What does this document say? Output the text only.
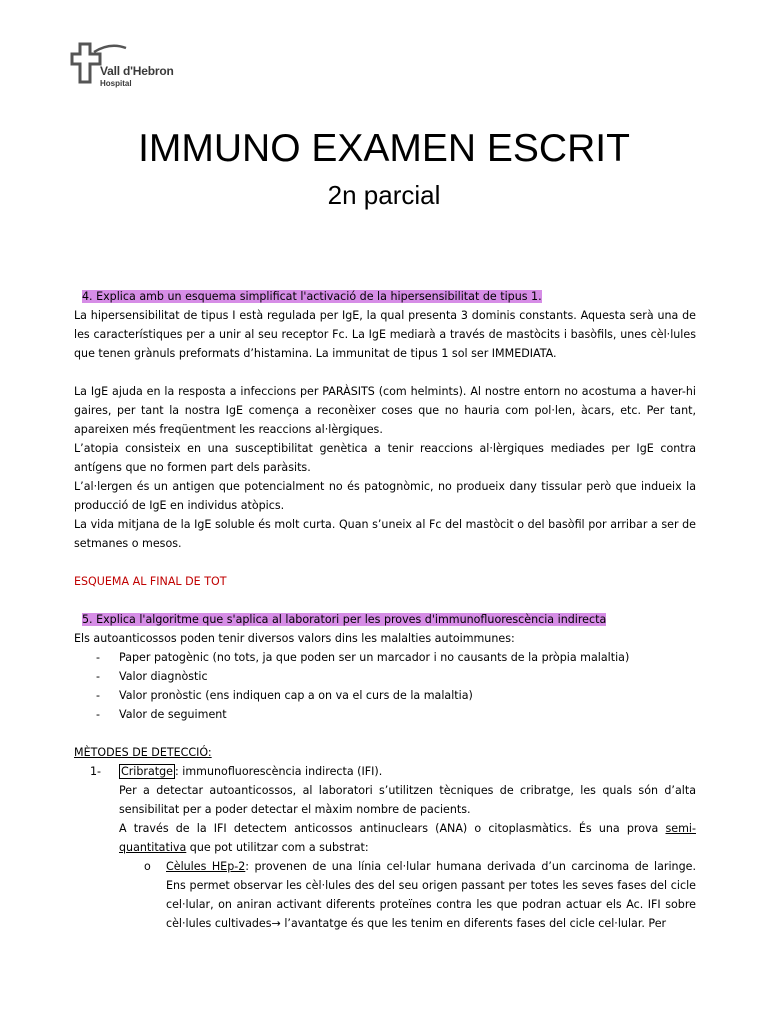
Vall d'Hebron
Hospital
IMMUNO EXAMEN ESCRIT
2n parcial

4. Explica amb un esquema simplificat l'activació de la hipersensibilitat de tipus 1.

La hipersensibilitat de tipus I està regulada per IgE, la qual presenta 3 dominis constants. Aquesta serà una de les característiques per a unir al seu receptor Fc. La IgE mediarà a través de mastòcits i basòfils, unes cèl·lules que tenen grànuls preformats d’histamina. La immunitat de tipus 1 sol ser IMMEDIATA.

La IgE ajuda en la resposta a infeccions per PARÀSITS (com helmints). Al nostre entorn no acostuma a haver-hi gaires, per tant la nostra IgE comença a reconèixer coses que no hauria com pol·len, àcars, etc. Per tant, apareixen més freqüentment les reaccions al·lèrgiques.

L’atopia consisteix en una susceptibilitat genètica a tenir reaccions al·lèrgiques mediades per IgE contra antígens que no formen part dels paràsits.

L’al·lergen és un antigen que potencialment no és patognòmic, no produeix dany tissular però que indueix la producció de IgE en individus atòpics.

La vida mitjana de la IgE soluble és molt curta. Quan s’uneix al Fc del mastòcit o del basòfil por arribar a ser de setmanes o mesos.

ESQUEMA AL FINAL DE TOT

5. Explica l'algoritme que s'aplica al laboratori per les proves d'immunofluorescència indirecta

Els autoanticossos poden tenir diversos valors dins les malalties autoimmunes:

- Paper patogènic (no tots, ja que poden ser un marcador i no causants de la pròpia malaltia)
- Valor diagnòstic
- Valor pronòstic (ens indiquen cap a on va el curs de la malaltia)
- Valor de seguiment

MÈTODES DE DETECCIÓ:

1- Cribratge : immunofluorescència indirecta (IFI).

Per a detectar autoanticossos, al laboratori s’utilitzen tècniques de cribratge, les quals són d’alta sensibilitat per a poder detectar el màxim nombre de pacients.

A través de la IFI detectem anticossos antinuclears (ANA) o citoplasmàtics. És una prova semi-quantitativa que pot utilitzar com a substrat:

o Cèlules HEp-2: provenen de una línia cel·lular humana derivada d’un carcinoma de laringe. Ens permet observar les cèl·lules des del seu origen passant per totes les seves fases del cicle cel·lular, on aniran activant diferents proteïnes contra les que podran actuar els Ac. IFI sobre cèl·lules cultivades→ l’avantatge és que les tenim en diferents fases del cicle cel·lular. Per
